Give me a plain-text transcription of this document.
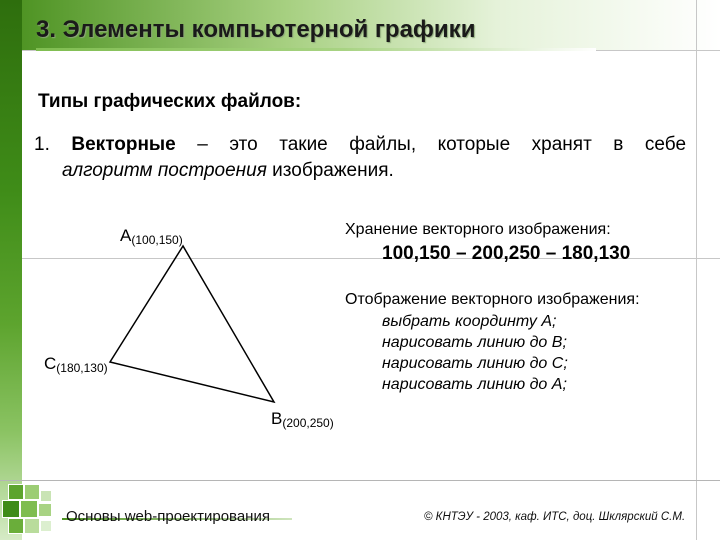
3. Элементы компьютерной графики
Типы графических файлов:
1. Векторные – это такие файлы, которые хранят в себе
алгоритм построения изображения.
A(100,150)
C(180,130)
B(200,250)
Хранение векторного изображения:
100,150 – 200,250 – 180,130
Отображение векторного изображения:
выбрать координту A;
нарисовать линию до B;
нарисовать линию до C;
нарисовать линию до A;
Основы web-проектирования	© КНТЭУ - 2003, каф. ИТС, доц. Шклярский С.М.
